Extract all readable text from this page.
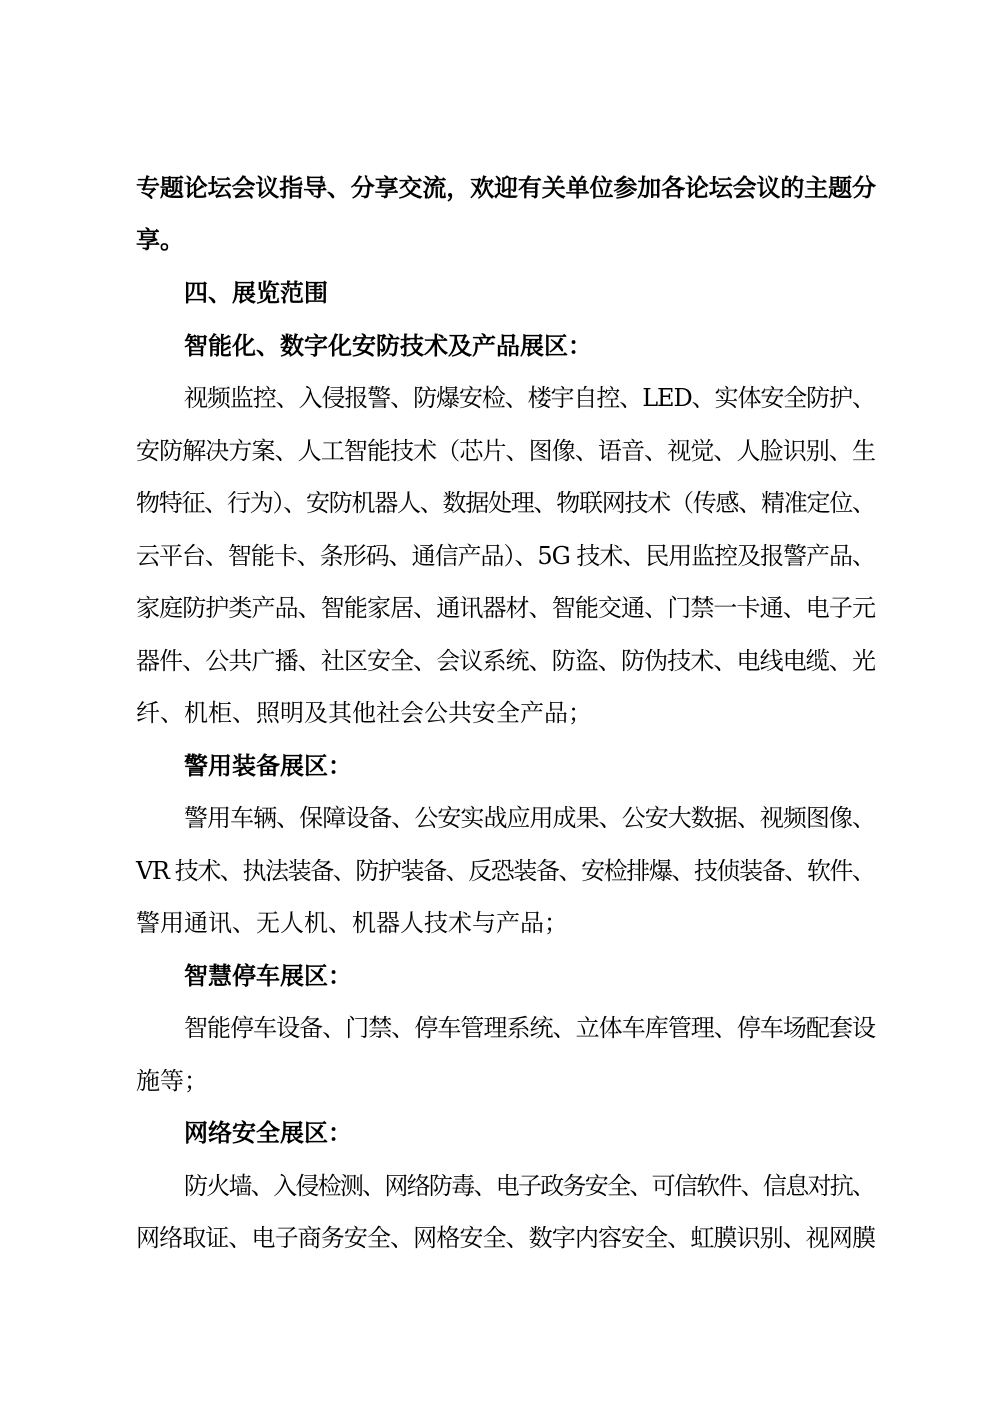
专题论坛会议指导、分享交流，欢迎有关单位参加各论坛会议的主题分
享。
四、展览范围
智能化、数字化安防技术及产品展区：
视频监控、入侵报警、防爆安检、楼宇自控、LED、实体安全防护、
安防解决方案、人工智能技术（芯片、图像、语音、视觉、人脸识别、生
物特征、行为）、安防机器人、数据处理、物联网技术（传感、精准定位、
云平台、智能卡、条形码、通信产品）、5G 技术、民用监控及报警产品、
家庭防护类产品、智能家居、通讯器材、智能交通、门禁一卡通、电子元
器件、公共广播、社区安全、会议系统、防盗、防伪技术、电线电缆、光
纤、机柜、照明及其他社会公共安全产品；
警用装备展区：
警用车辆、保障设备、公安实战应用成果、公安大数据、视频图像、
VR 技术、执法装备、防护装备、反恐装备、安检排爆、技侦装备、软件、
警用通讯、无人机、机器人技术与产品；
智慧停车展区：
智能停车设备、门禁、停车管理系统、立体车库管理、停车场配套设
施等；
网络安全展区：
防火墙、入侵检测、网络防毒、电子政务安全、可信软件、信息对抗、
网络取证、电子商务安全、网格安全、数字内容安全、虹膜识别、视网膜
